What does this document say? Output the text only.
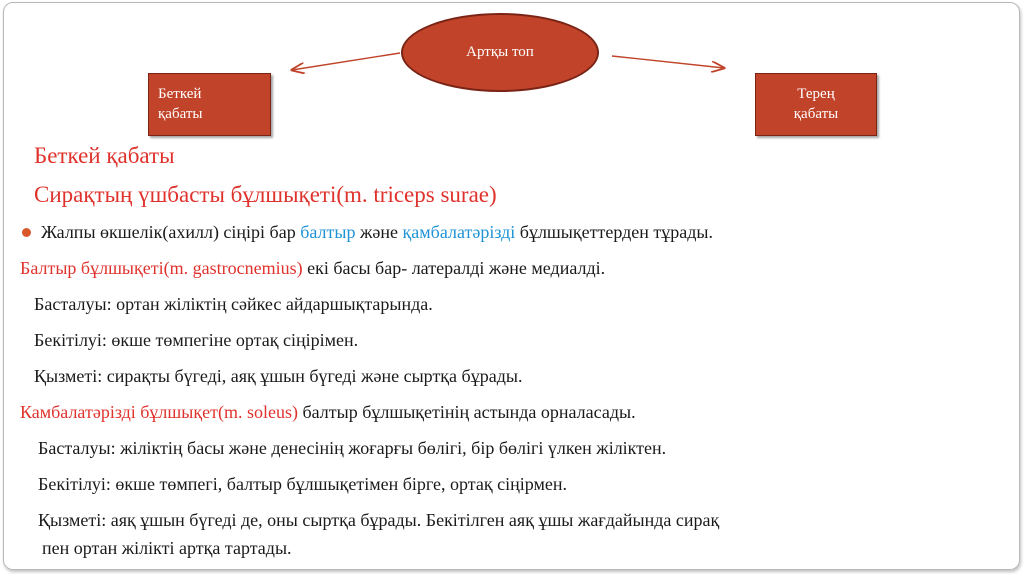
Артқы топ
Беткей
қабаты
Терең
қабаты
Беткей қабаты
Сирақтың үшбасты бұлшықеті(m. triceps surae)
Жалпы өкшелік(ахилл) сіңірі бар балтыр және қамбалатәрізді бұлшықеттерден тұрады.
Балтыр бұлшықеті(m. gastrocnemius) екі басы бар- латералді және медиалді.
Басталуы: ортан жіліктің сәйкес айдаршықтарында.
Бекітілуі: өкше төмпегіне ортақ сіңірімен.
Қызметі: сирақты бүгеді, аяқ ұшын бүгеді және сыртқа бұрады.
Камбалатәрізді бұлшықет(m. soleus) балтыр бұлшықетінің астында орналасады.
Басталуы: жіліктің басы және денесінің жоғарғы бөлігі, бір бөлігі үлкен жіліктен.
Бекітілуі: өкше төмпегі, балтыр бұлшықетімен бірге, ортақ сіңірмен.
Қызметі: аяқ ұшын бүгеді де, оны сыртқа бұрады. Бекітілген аяқ ұшы жағдайында сирақ
пен ортан жілікті артқа тартады.
